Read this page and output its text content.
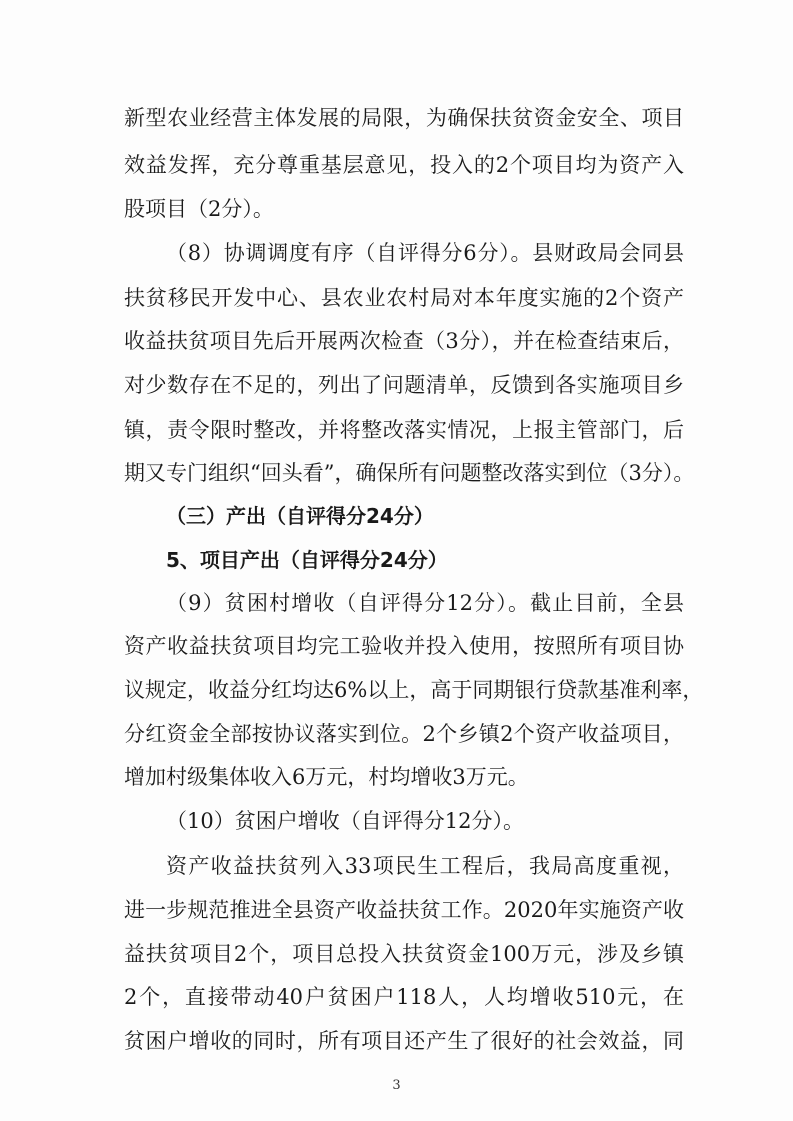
新型农业经营主体发展的局限，为确保扶贫资金安全、项目
效益发挥，充分尊重基层意见，投入的2个项目均为资产入
股项目（2分）。
（8）协调调度有序（自评得分6分）。县财政局会同县
扶贫移民开发中心、县农业农村局对本年度实施的2个资产
收益扶贫项目先后开展两次检查（3分），并在检查结束后，
对少数存在不足的，列出了问题清单，反馈到各实施项目乡
镇，责令限时整改，并将整改落实情况，上报主管部门，后
期又专门组织“回头看”，确保所有问题整改落实到位（3分）。
（三）产出（自评得分24分）
5、项目产出（自评得分24分）
（9）贫困村增收（自评得分12分）。截止目前，全县
资产收益扶贫项目均完工验收并投入使用，按照所有项目协
议规定，收益分红均达6%以上，高于同期银行贷款基准利率，
分红资金全部按协议落实到位。2个乡镇2个资产收益项目，
增加村级集体收入6万元，村均增收3万元。
（10）贫困户增收（自评得分12分）。
资产收益扶贫列入33项民生工程后，我局高度重视，
进一步规范推进全县资产收益扶贫工作。2020年实施资产收
益扶贫项目2个，项目总投入扶贫资金100万元，涉及乡镇
2个，直接带动40户贫困户118人，人均增收510元，在
贫困户增收的同时，所有项目还产生了很好的社会效益，同
3
